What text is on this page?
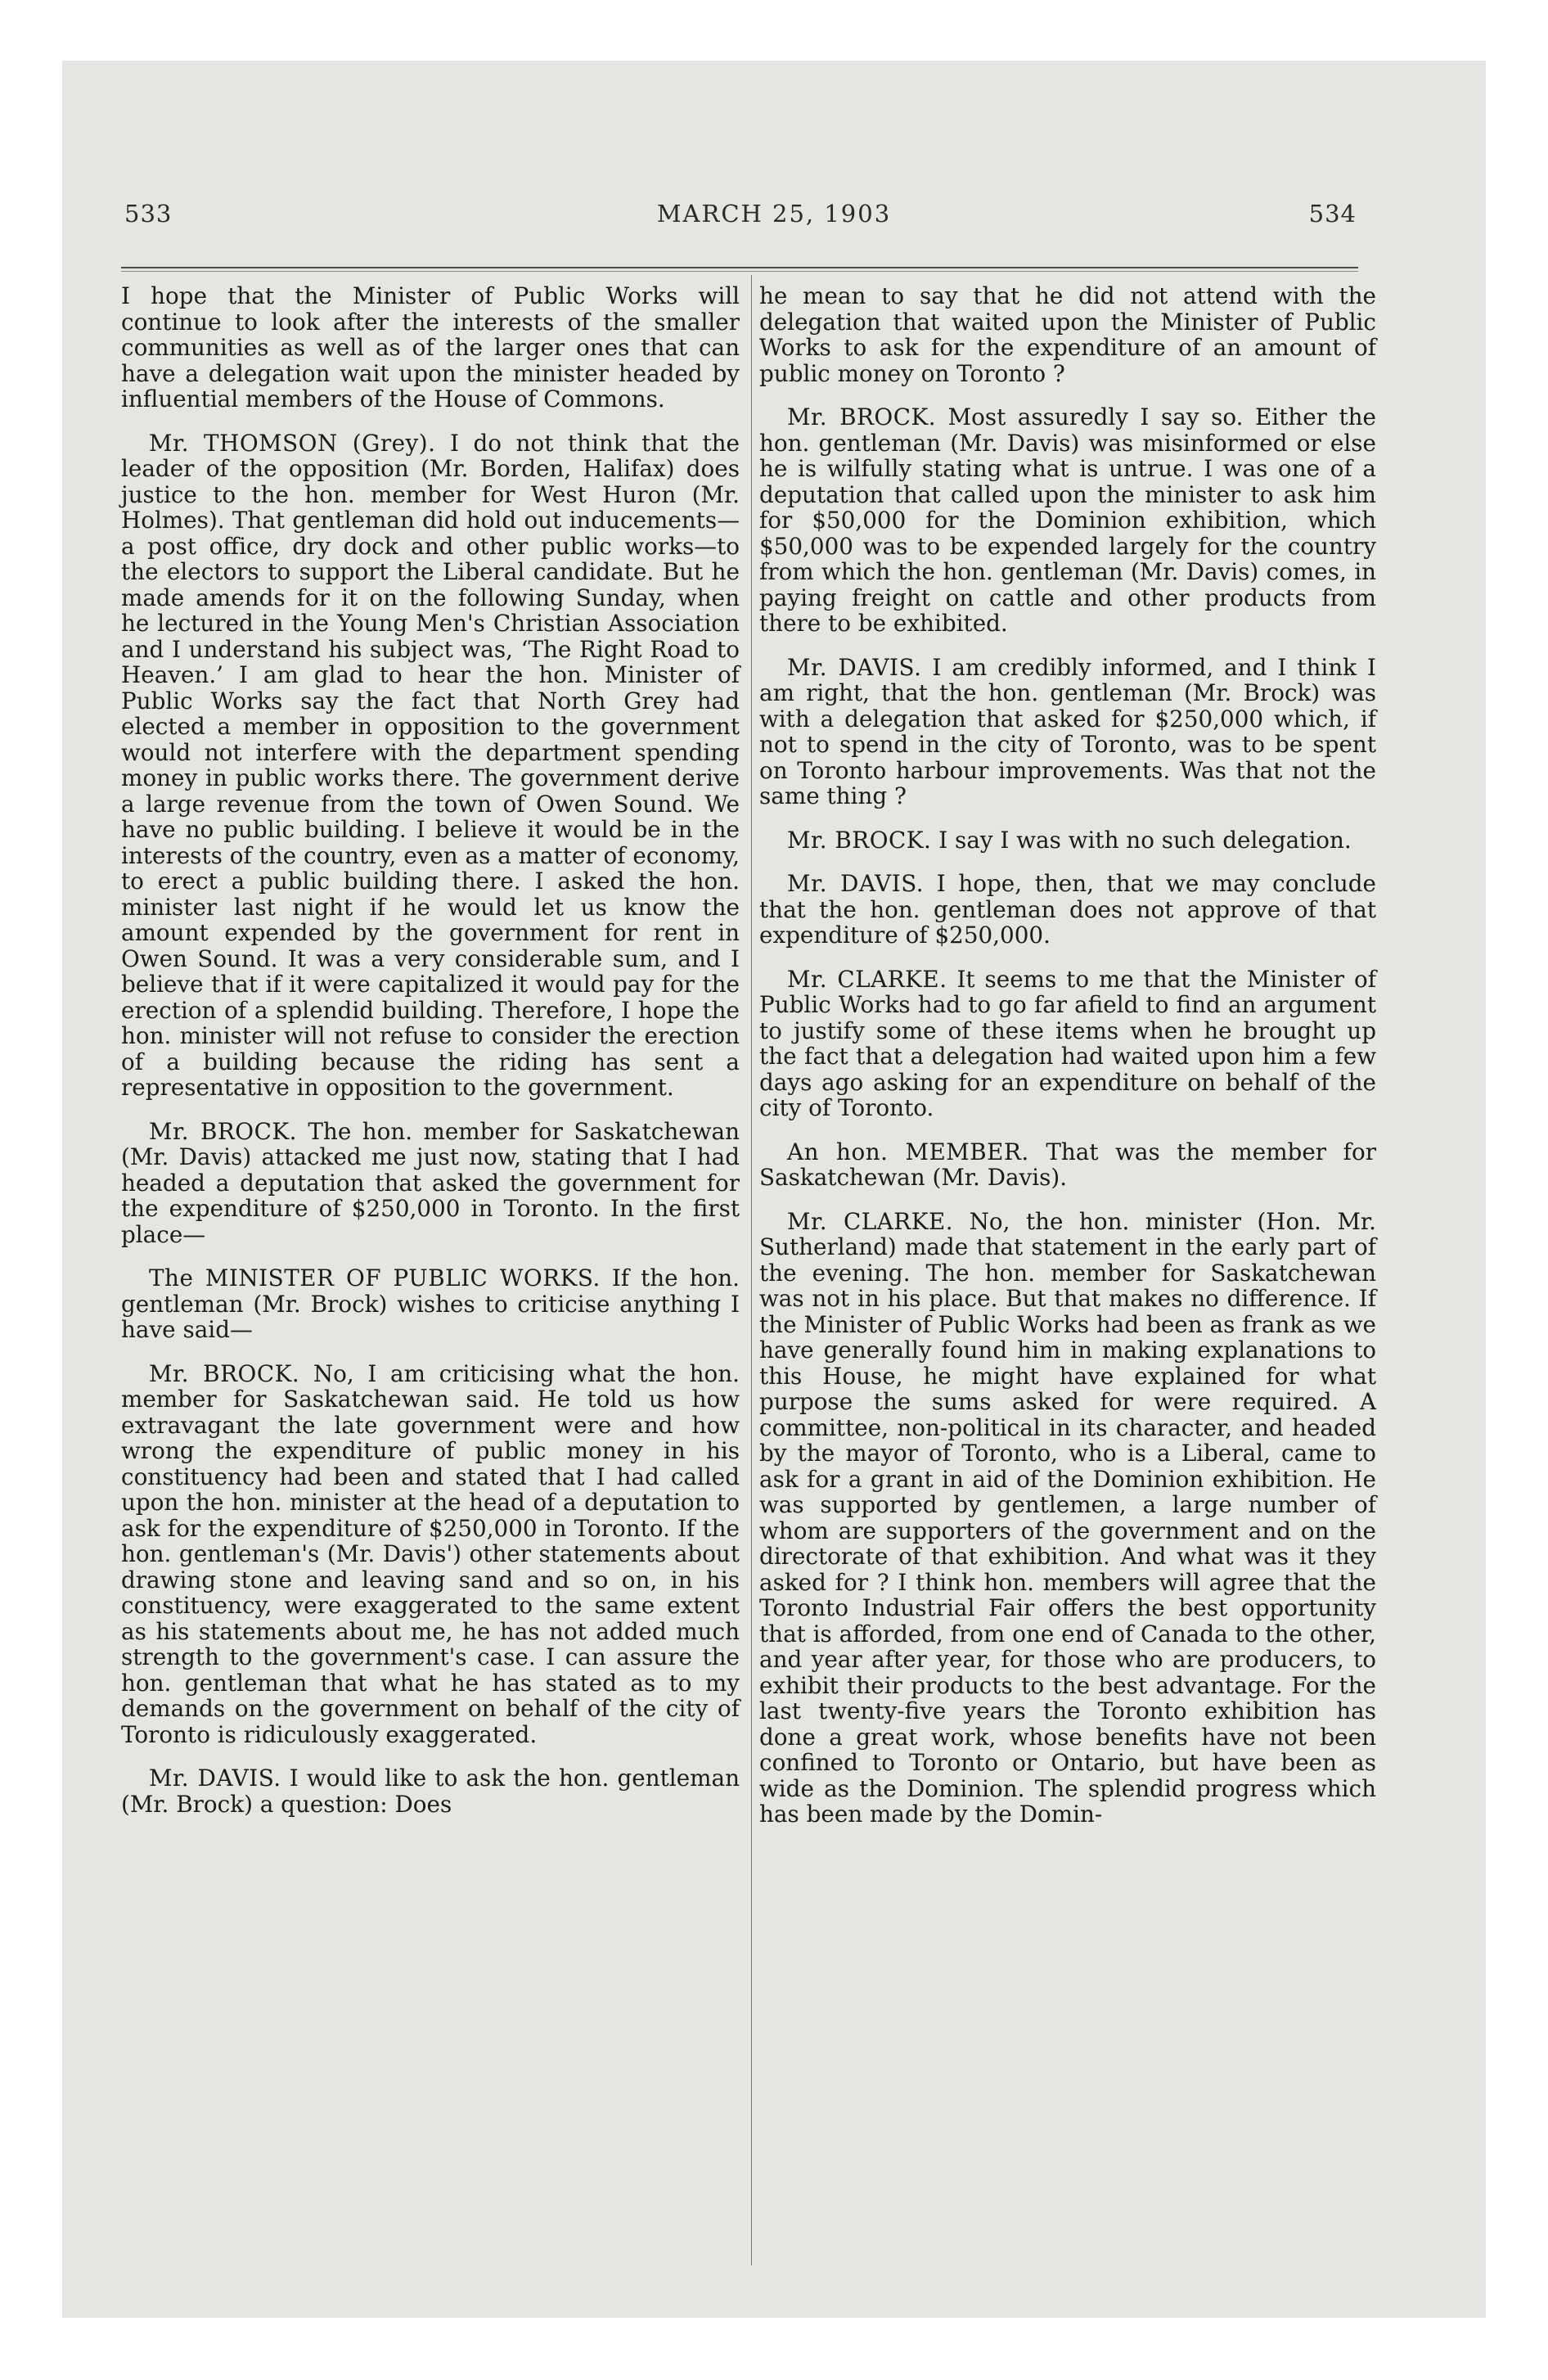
533	MARCH 25, 1903	534

I hope that the Minister of Public Works will continue to look after the interests of the smaller communities as well as of the larger ones that can have a delegation wait upon the minister headed by influential members of the House of Commons.

Mr. THOMSON (Grey). I do not think that the leader of the opposition (Mr. Borden, Halifax) does justice to the hon. member for West Huron (Mr. Holmes). That gentleman did hold out inducements—a post office, dry dock and other public works—to the electors to support the Liberal candidate. But he made amends for it on the following Sunday, when he lectured in the Young Men's Christian Association and I understand his subject was, ‘The Right Road to Heaven.’ I am glad to hear the hon. Minister of Public Works say the fact that North Grey had elected a member in opposition to the government would not interfere with the department spending money in public works there. The government derive a large revenue from the town of Owen Sound. We have no public building. I believe it would be in the interests of the country, even as a matter of economy, to erect a public building there. I asked the hon. minister last night if he would let us know the amount expended by the government for rent in Owen Sound. It was a very considerable sum, and I believe that if it were capitalized it would pay for the erection of a splendid building. Therefore, I hope the hon. minister will not refuse to consider the erection of a building because the riding has sent a representative in opposition to the government.

Mr. BROCK. The hon. member for Saskatchewan (Mr. Davis) attacked me just now, stating that I had headed a deputation that asked the government for the expenditure of $250,000 in Toronto. In the first place—

The MINISTER OF PUBLIC WORKS. If the hon. gentleman (Mr. Brock) wishes to criticise anything I have said—

Mr. BROCK. No, I am criticising what the hon. member for Saskatchewan said. He told us how extravagant the late government were and how wrong the expenditure of public money in his constituency had been and stated that I had called upon the hon. minister at the head of a deputation to ask for the expenditure of $250,000 in Toronto. If the hon. gentleman's (Mr. Davis') other statements about drawing stone and leaving sand and so on, in his constituency, were exaggerated to the same extent as his statements about me, he has not added much strength to the government's case. I can assure the hon. gentleman that what he has stated as to my demands on the government on behalf of the city of Toronto is ridiculously exaggerated.

Mr. DAVIS. I would like to ask the hon. gentleman (Mr. Brock) a question: Does

he mean to say that he did not attend with the delegation that waited upon the Minister of Public Works to ask for the expenditure of an amount of public money on Toronto ?

Mr. BROCK. Most assuredly I say so. Either the hon. gentleman (Mr. Davis) was misinformed or else he is wilfully stating what is untrue. I was one of a deputation that called upon the minister to ask him for $50,000 for the Dominion exhibition, which $50,000 was to be expended largely for the country from which the hon. gentleman (Mr. Davis) comes, in paying freight on cattle and other products from there to be exhibited.

Mr. DAVIS. I am credibly informed, and I think I am right, that the hon. gentleman (Mr. Brock) was with a delegation that asked for $250,000 which, if not to spend in the city of Toronto, was to be spent on Toronto harbour improvements. Was that not the same thing ?

Mr. BROCK. I say I was with no such delegation.

Mr. DAVIS. I hope, then, that we may conclude that the hon. gentleman does not approve of that expenditure of $250,000.

Mr. CLARKE. It seems to me that the Minister of Public Works had to go far afield to find an argument to justify some of these items when he brought up the fact that a delegation had waited upon him a few days ago asking for an expenditure on behalf of the city of Toronto.

An hon. MEMBER. That was the member for Saskatchewan (Mr. Davis).

Mr. CLARKE. No, the hon. minister (Hon. Mr. Sutherland) made that statement in the early part of the evening. The hon. member for Saskatchewan was not in his place. But that makes no difference. If the Minister of Public Works had been as frank as we have generally found him in making explanations to this House, he might have explained for what purpose the sums asked for were required. A committee, non-political in its character, and headed by the mayor of Toronto, who is a Liberal, came to ask for a grant in aid of the Dominion exhibition. He was supported by gentlemen, a large number of whom are supporters of the government and on the directorate of that exhibition. And what was it they asked for ? I think hon. members will agree that the Toronto Industrial Fair offers the best opportunity that is afforded, from one end of Canada to the other, and year after year, for those who are producers, to exhibit their products to the best advantage. For the last twenty-five years the Toronto exhibition has done a great work, whose benefits have not been confined to Toronto or Ontario, but have been as wide as the Dominion. The splendid progress which has been made by the Domin-
